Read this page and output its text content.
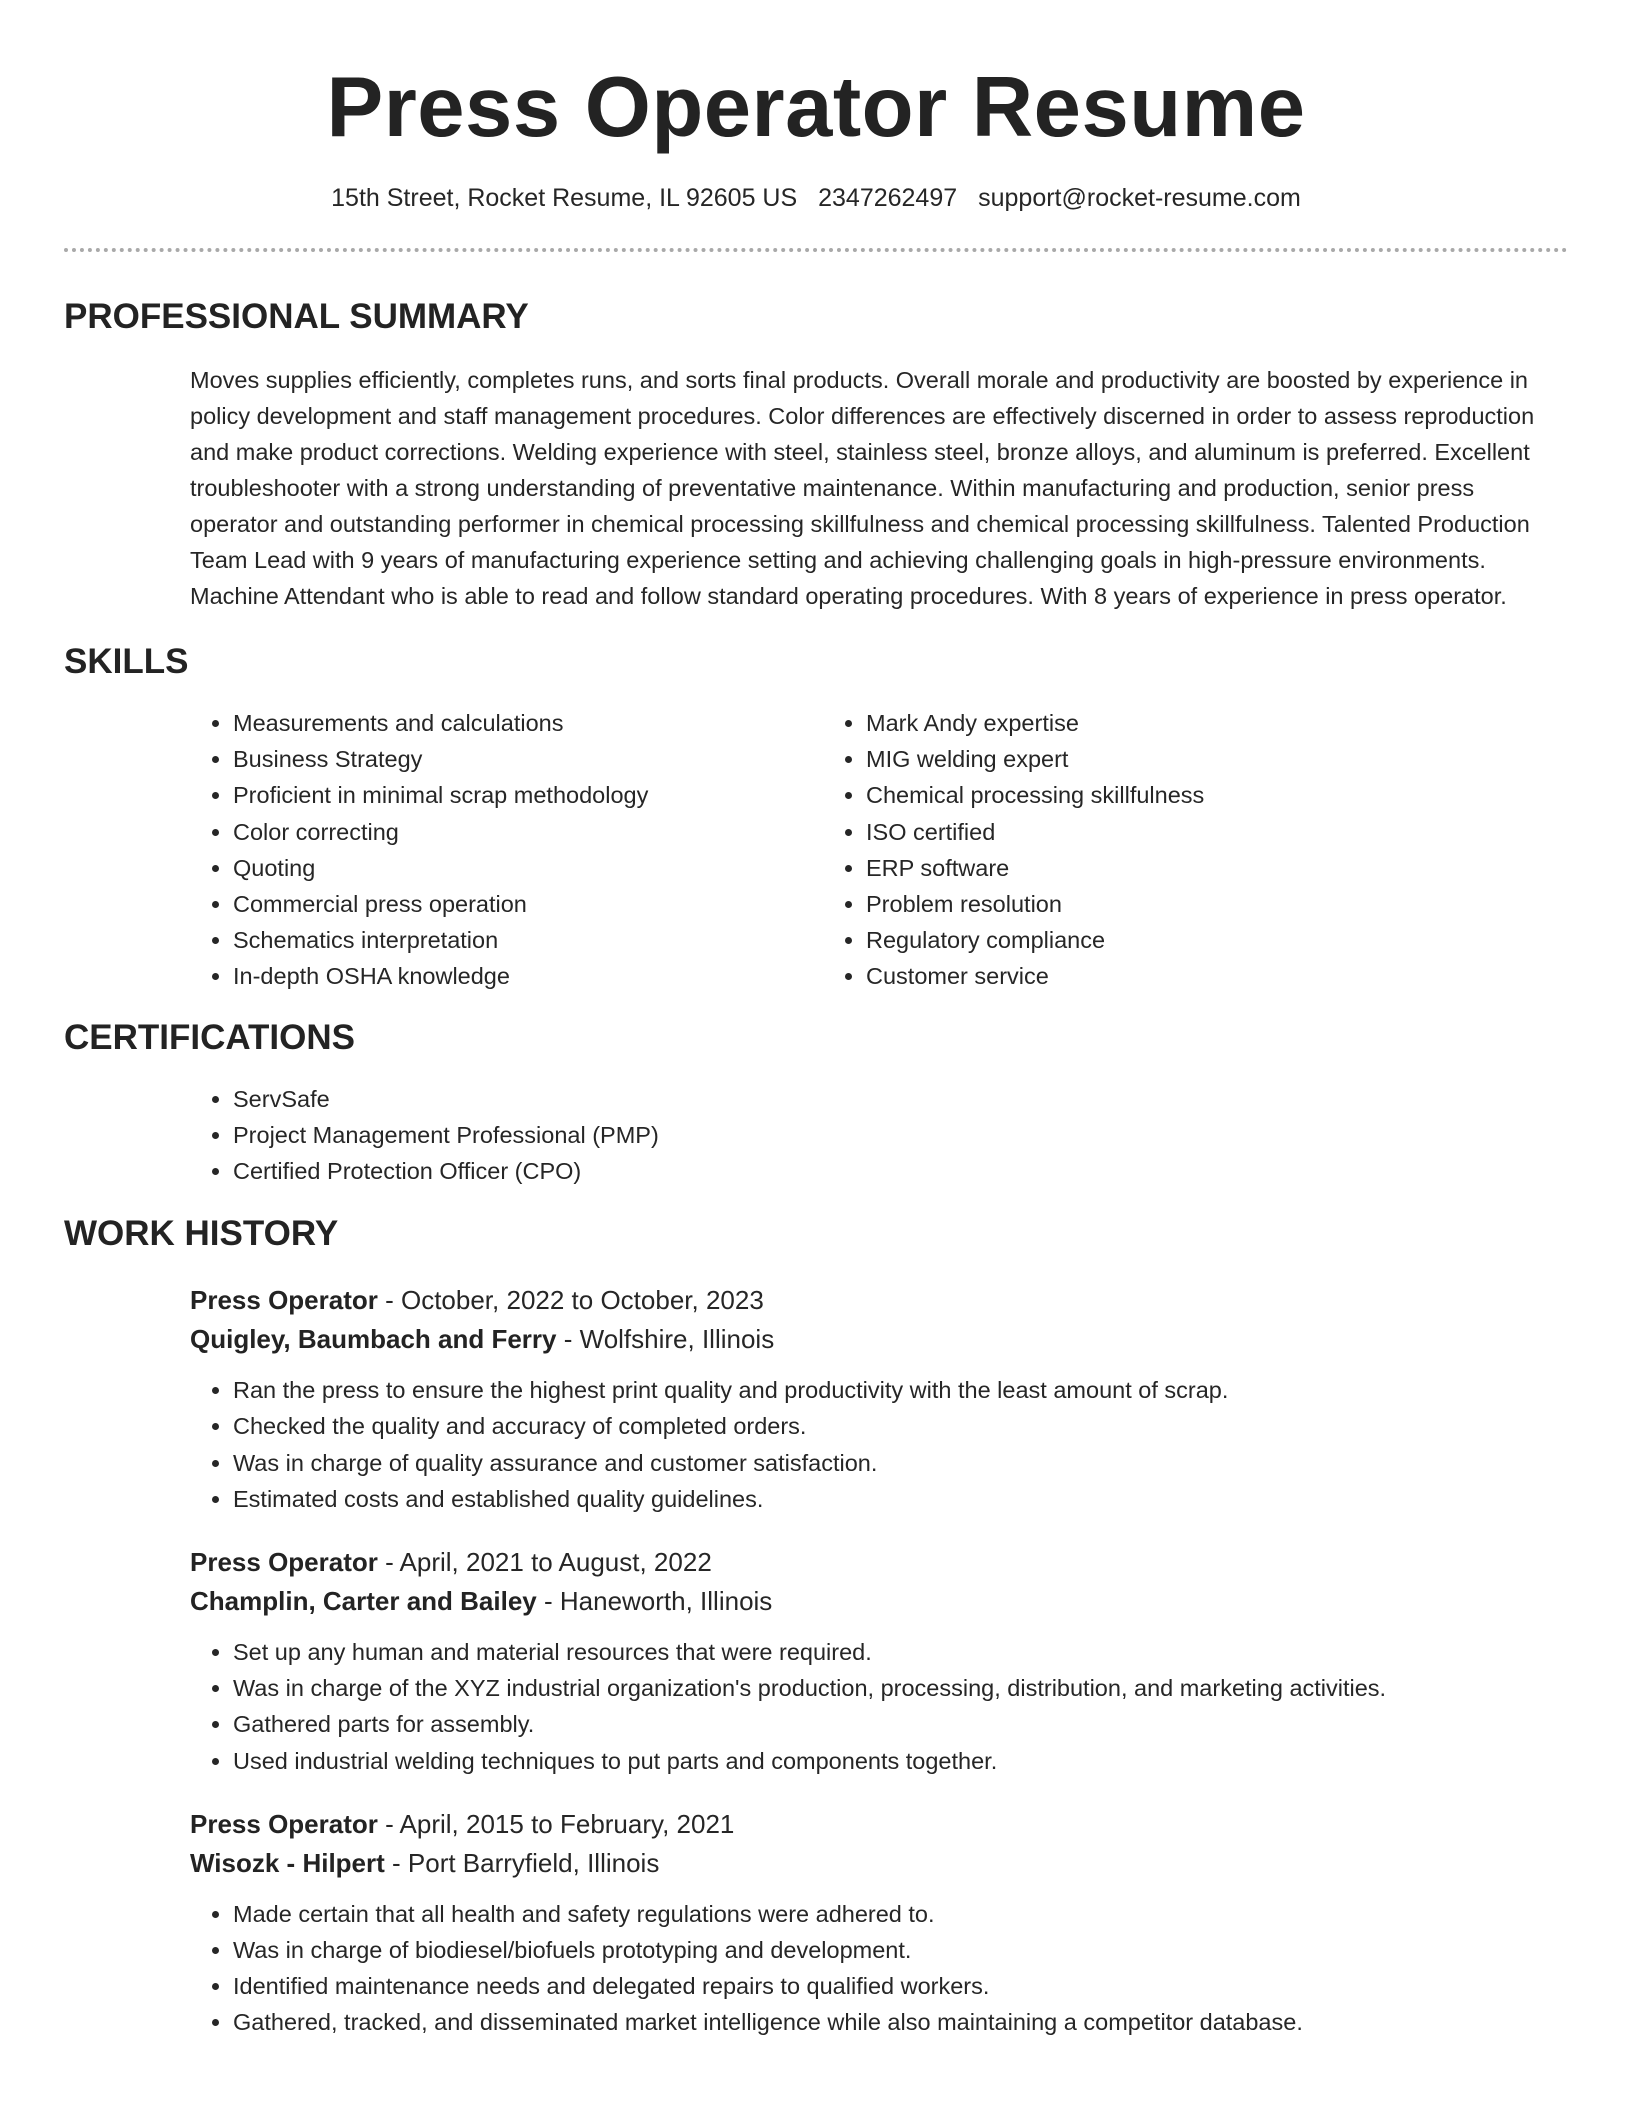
Press Operator Resume
15th Street, Rocket Resume, IL 92605 US 2347262497 support@rocket-resume.com
PROFESSIONAL SUMMARY

Moves supplies efficiently, completes runs, and sorts final products. Overall morale and productivity are boosted by experience in policy development and staff management procedures. Color differences are effectively discerned in order to assess reproduction and make product corrections. Welding experience with steel, stainless steel, bronze alloys, and aluminum is preferred. Excellent troubleshooter with a strong understanding of preventative maintenance. Within manufacturing and production, senior press operator and outstanding performer in chemical processing skillfulness and chemical processing skillfulness. Talented Production Team Lead with 9 years of manufacturing experience setting and achieving challenging goals in high-pressure environments. Machine Attendant who is able to read and follow standard operating procedures. With 8 years of experience in press operator.

SKILLS
• Measurements and calculations
• Business Strategy
• Proficient in minimal scrap methodology
• Color correcting
• Quoting
• Commercial press operation
• Schematics interpretation
• In-depth OSHA knowledge
• Mark Andy expertise
• MIG welding expert
• Chemical processing skillfulness
• ISO certified
• ERP software
• Problem resolution
• Regulatory compliance
• Customer service
CERTIFICATIONS
• ServSafe
• Project Management Professional (PMP)
• Certified Protection Officer (CPO)
WORK HISTORY
Press Operator - October, 2022 to October, 2023
Quigley, Baumbach and Ferry - Wolfshire, Illinois
• Ran the press to ensure the highest print quality and productivity with the least amount of scrap.
• Checked the quality and accuracy of completed orders.
• Was in charge of quality assurance and customer satisfaction.
• Estimated costs and established quality guidelines.
Press Operator - April, 2021 to August, 2022
Champlin, Carter and Bailey - Haneworth, Illinois
• Set up any human and material resources that were required.
• Was in charge of the XYZ industrial organization's production, processing, distribution, and marketing activities.
• Gathered parts for assembly.
• Used industrial welding techniques to put parts and components together.
Press Operator - April, 2015 to February, 2021
Wisozk - Hilpert - Port Barryfield, Illinois
• Made certain that all health and safety regulations were adhered to.
• Was in charge of biodiesel/biofuels prototyping and development.
• Identified maintenance needs and delegated repairs to qualified workers.
• Gathered, tracked, and disseminated market intelligence while also maintaining a competitor database.
